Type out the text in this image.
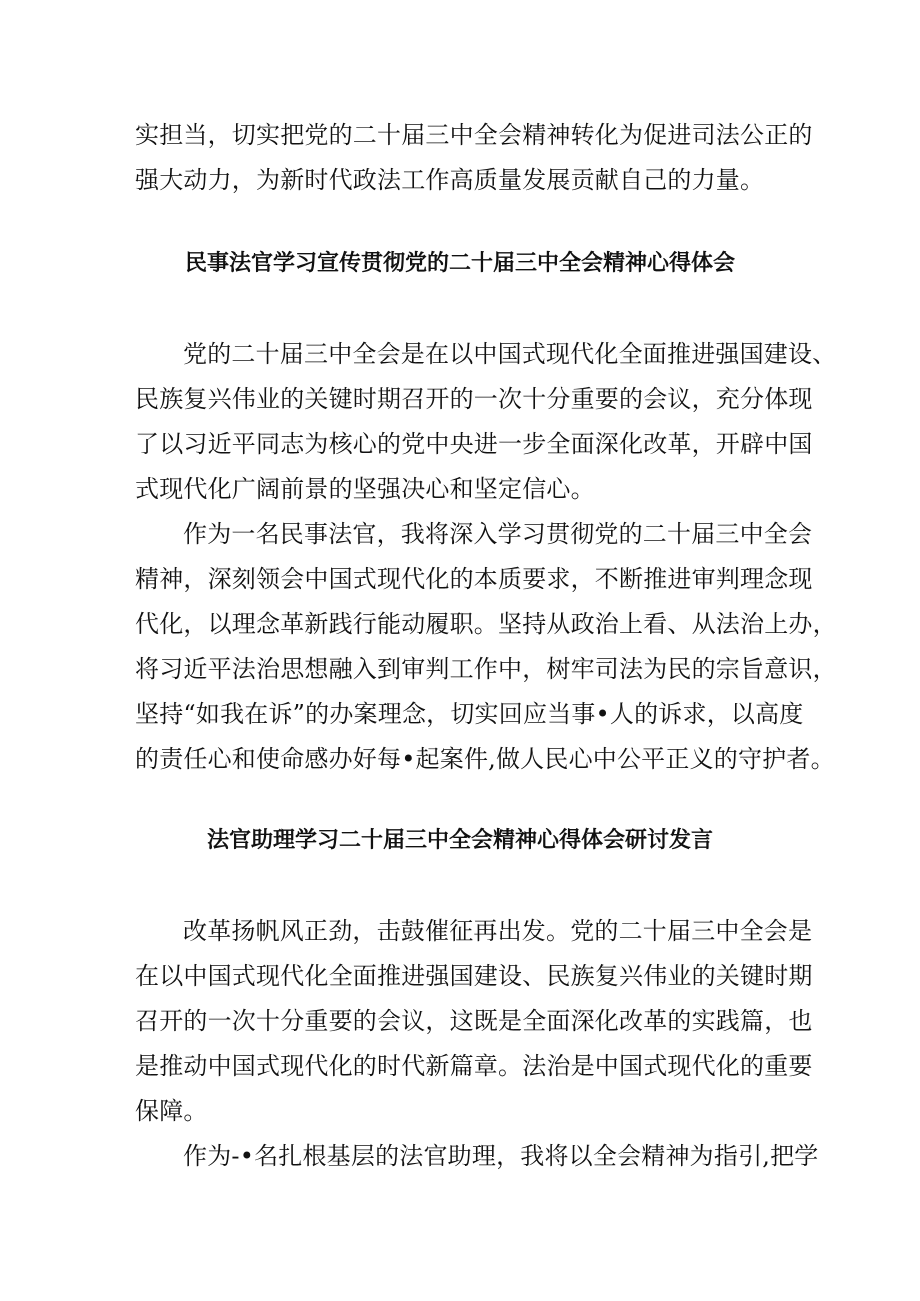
实担当，切实把党的二十届三中全会精神转化为促进司法公正的
强大动力，为新时代政法工作高质量发展贡献自己的力量。
民事法官学习宣传贯彻党的二十届三中全会精神心得体会
党的二十届三中全会是在以中国式现代化全面推进强国建设、
民族复兴伟业的关键时期召开的一次十分重要的会议，充分体现
了以习近平同志为核心的党中央进一步全面深化改革，开辟中国
式现代化广阔前景的坚强决心和坚定信心。
作为一名民事法官，我将深入学习贯彻党的二十届三中全会
精神，深刻领会中国式现代化的本质要求，不断推进审判理念现
代化，以理念革新践行能动履职。坚持从政治上看、从法治上办，
将习近平法治思想融入到审判工作中，树牢司法为民的宗旨意识，
坚持“如我在诉”的办案理念，切实回应当事•人的诉求，以高度
的责任心和使命感办好每•起案件,做人民心中公平正义的守护者。
法官助理学习二十届三中全会精神心得体会研讨发言
改革扬帆风正劲，击鼓催征再出发。党的二十届三中全会是
在以中国式现代化全面推进强国建设、民族复兴伟业的关键时期
召开的一次十分重要的会议，这既是全面深化改革的实践篇，也
是推动中国式现代化的时代新篇章。法治是中国式现代化的重要
保障。
作为-•名扎根基层的法官助理，我将以全会精神为指引,把学
